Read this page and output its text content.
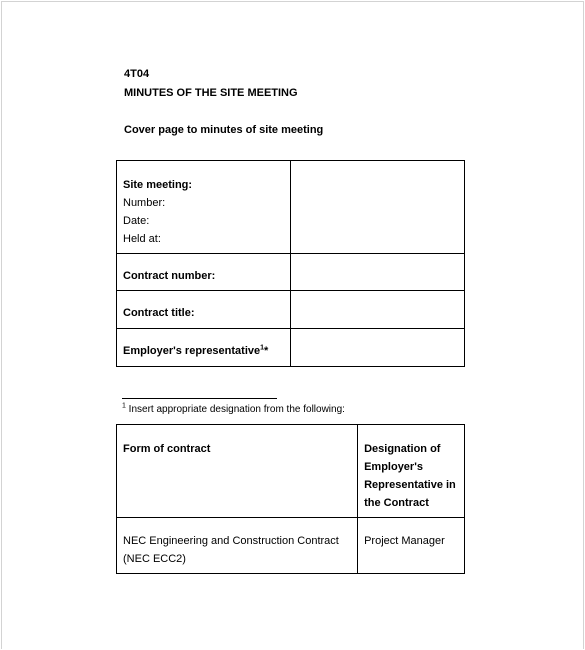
4T04
MINUTES OF THE SITE MEETING
Cover page to minutes of site meeting
Site meeting:
Number:
Date:
Held at:	

Contract number:	

Contract title:	

Employer's representative$^1$*	

$^1$ Insert appropriate designation from the following:
Form of contract	Designation of Employer's Representative in the Contract

NEC Engineering and Construction Contract (NEC ECC2)	Project Manager
